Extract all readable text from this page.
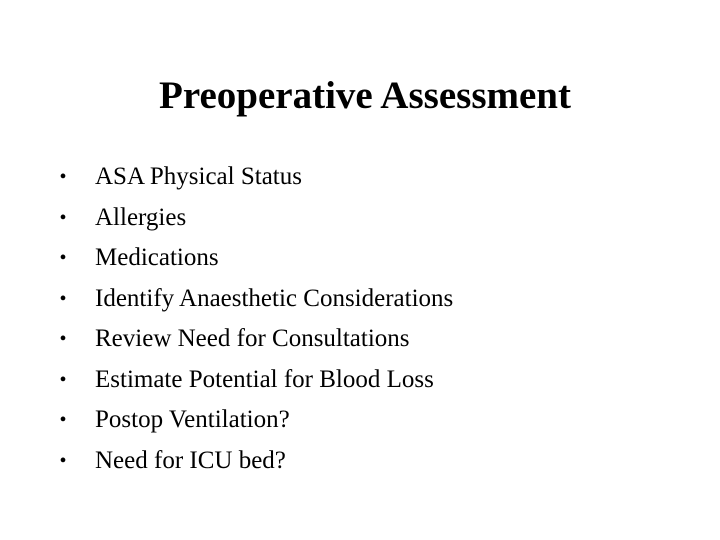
Preoperative Assessment
• ASA Physical Status
• Allergies
• Medications
• Identify Anaesthetic Considerations
• Review Need for Consultations
• Estimate Potential for Blood Loss
• Postop Ventilation?
• Need for ICU bed?
